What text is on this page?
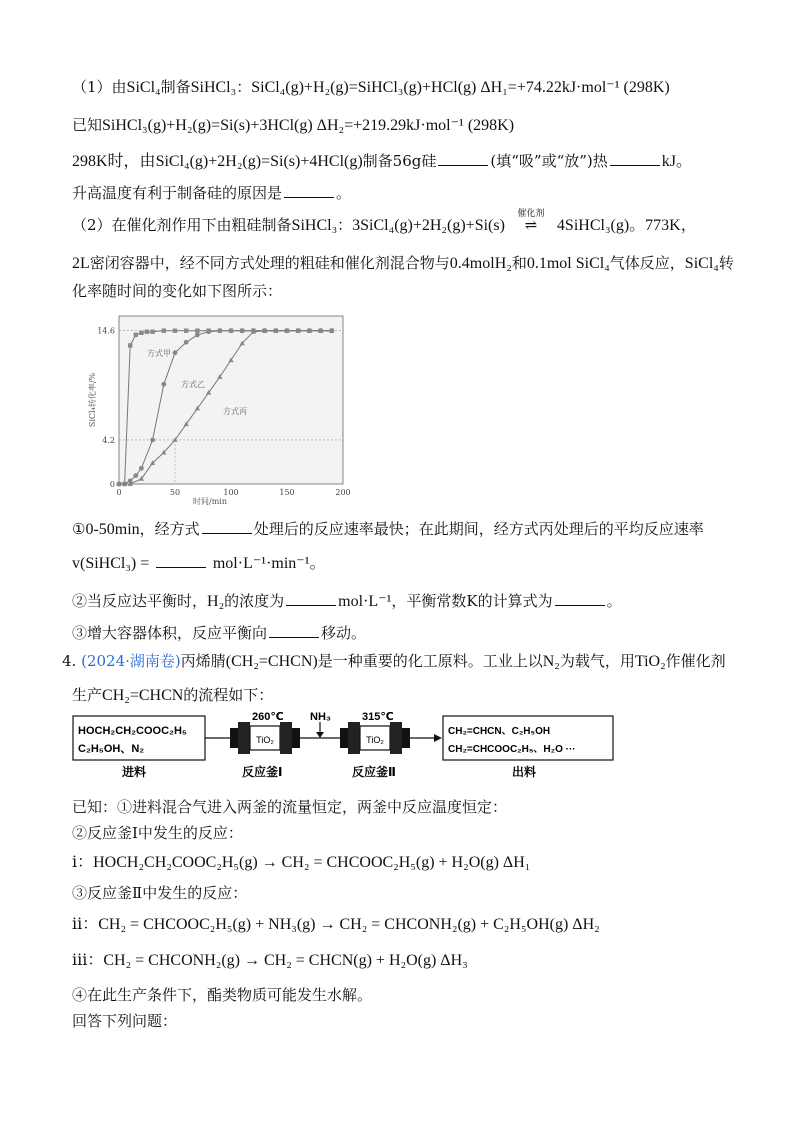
（1）由SiCl₄制备SiHCl₃：SiCl₄(g)+H₂(g)=SiHCl₃(g)+HCl(g) ΔH₁=+74.22kJ·mol⁻¹ (298K)
已知SiHCl₃(g)+H₂(g)=Si(s)+3HCl(g) ΔH₂=+219.29kJ·mol⁻¹ (298K)
298K时，由SiCl₄(g)+2H₂(g)=Si(s)+4HCl(g)制备56g硅	(填“吸”或“放”)热	kJ。
升高温度有利于制备硅的原因是	。
（2）在催化剂作用下由粗硅制备SiHCl₃：3SiCl₄(g)+2H₂(g)+Si(s)
催化剂
⇌ 4SiHCl₃(g)。773K，
2L密闭容器中，经不同方式处理的粗硅和催化剂混合物与0.4molH₂和0.1mol SiCl₄气体反应，SiCl₄转
化率随时间的变化如下图所示：
0
4.2
14.6
0	50	100	150	200
时间/min
SiCl₄转化率/%
方式甲
方式乙
方式丙
①0-50min，经方式	处理后的反应速率最快；在此期间，经方式丙处理后的平均反应速率
v(SiHCl₃) =	mol·L⁻¹·min⁻¹。
②当反应达平衡时，H₂的浓度为	mol·L⁻¹，平衡常数K的计算式为	。
③增大容器体积，反应平衡向	移动。
4. (2024·湖南卷)丙烯腈(CH₂=CHCN)是一种重要的化工原料。工业上以N₂为载气，用TiO₂作催化剂
生产CH₂=CHCN的流程如下：
HOCH₂CH₂COOC₂H₅
C₂H₅OH、N₂
进料
TiO₂
260℃
反应釜Ⅰ
NH₃
TiO₂
315℃
反应釜Ⅱ
CH₂=CHCN、C₂H₅OH
CH₂=CHCOOC₂H₅、H₂O ···
出料
已知：①进料混合气进入两釜的流量恒定，两釜中反应温度恒定：
②反应釜Ⅰ中发生的反应：
ⅰ：HOCH₂CH₂COOC₂H₅(g) → CH₂ = CHCOOC₂H₅(g) + H₂O(g) ΔH₁
③反应釜Ⅱ中发生的反应：
ⅱ：CH₂ = CHCOOC₂H₅(g) + NH₃(g) → CH₂ = CHCONH₂(g) + C₂H₅OH(g) ΔH₂
ⅲ：CH₂ = CHCONH₂(g) → CH₂ = CHCN(g) + H₂O(g) ΔH₃
④在此生产条件下，酯类物质可能发生水解。
回答下列问题：
